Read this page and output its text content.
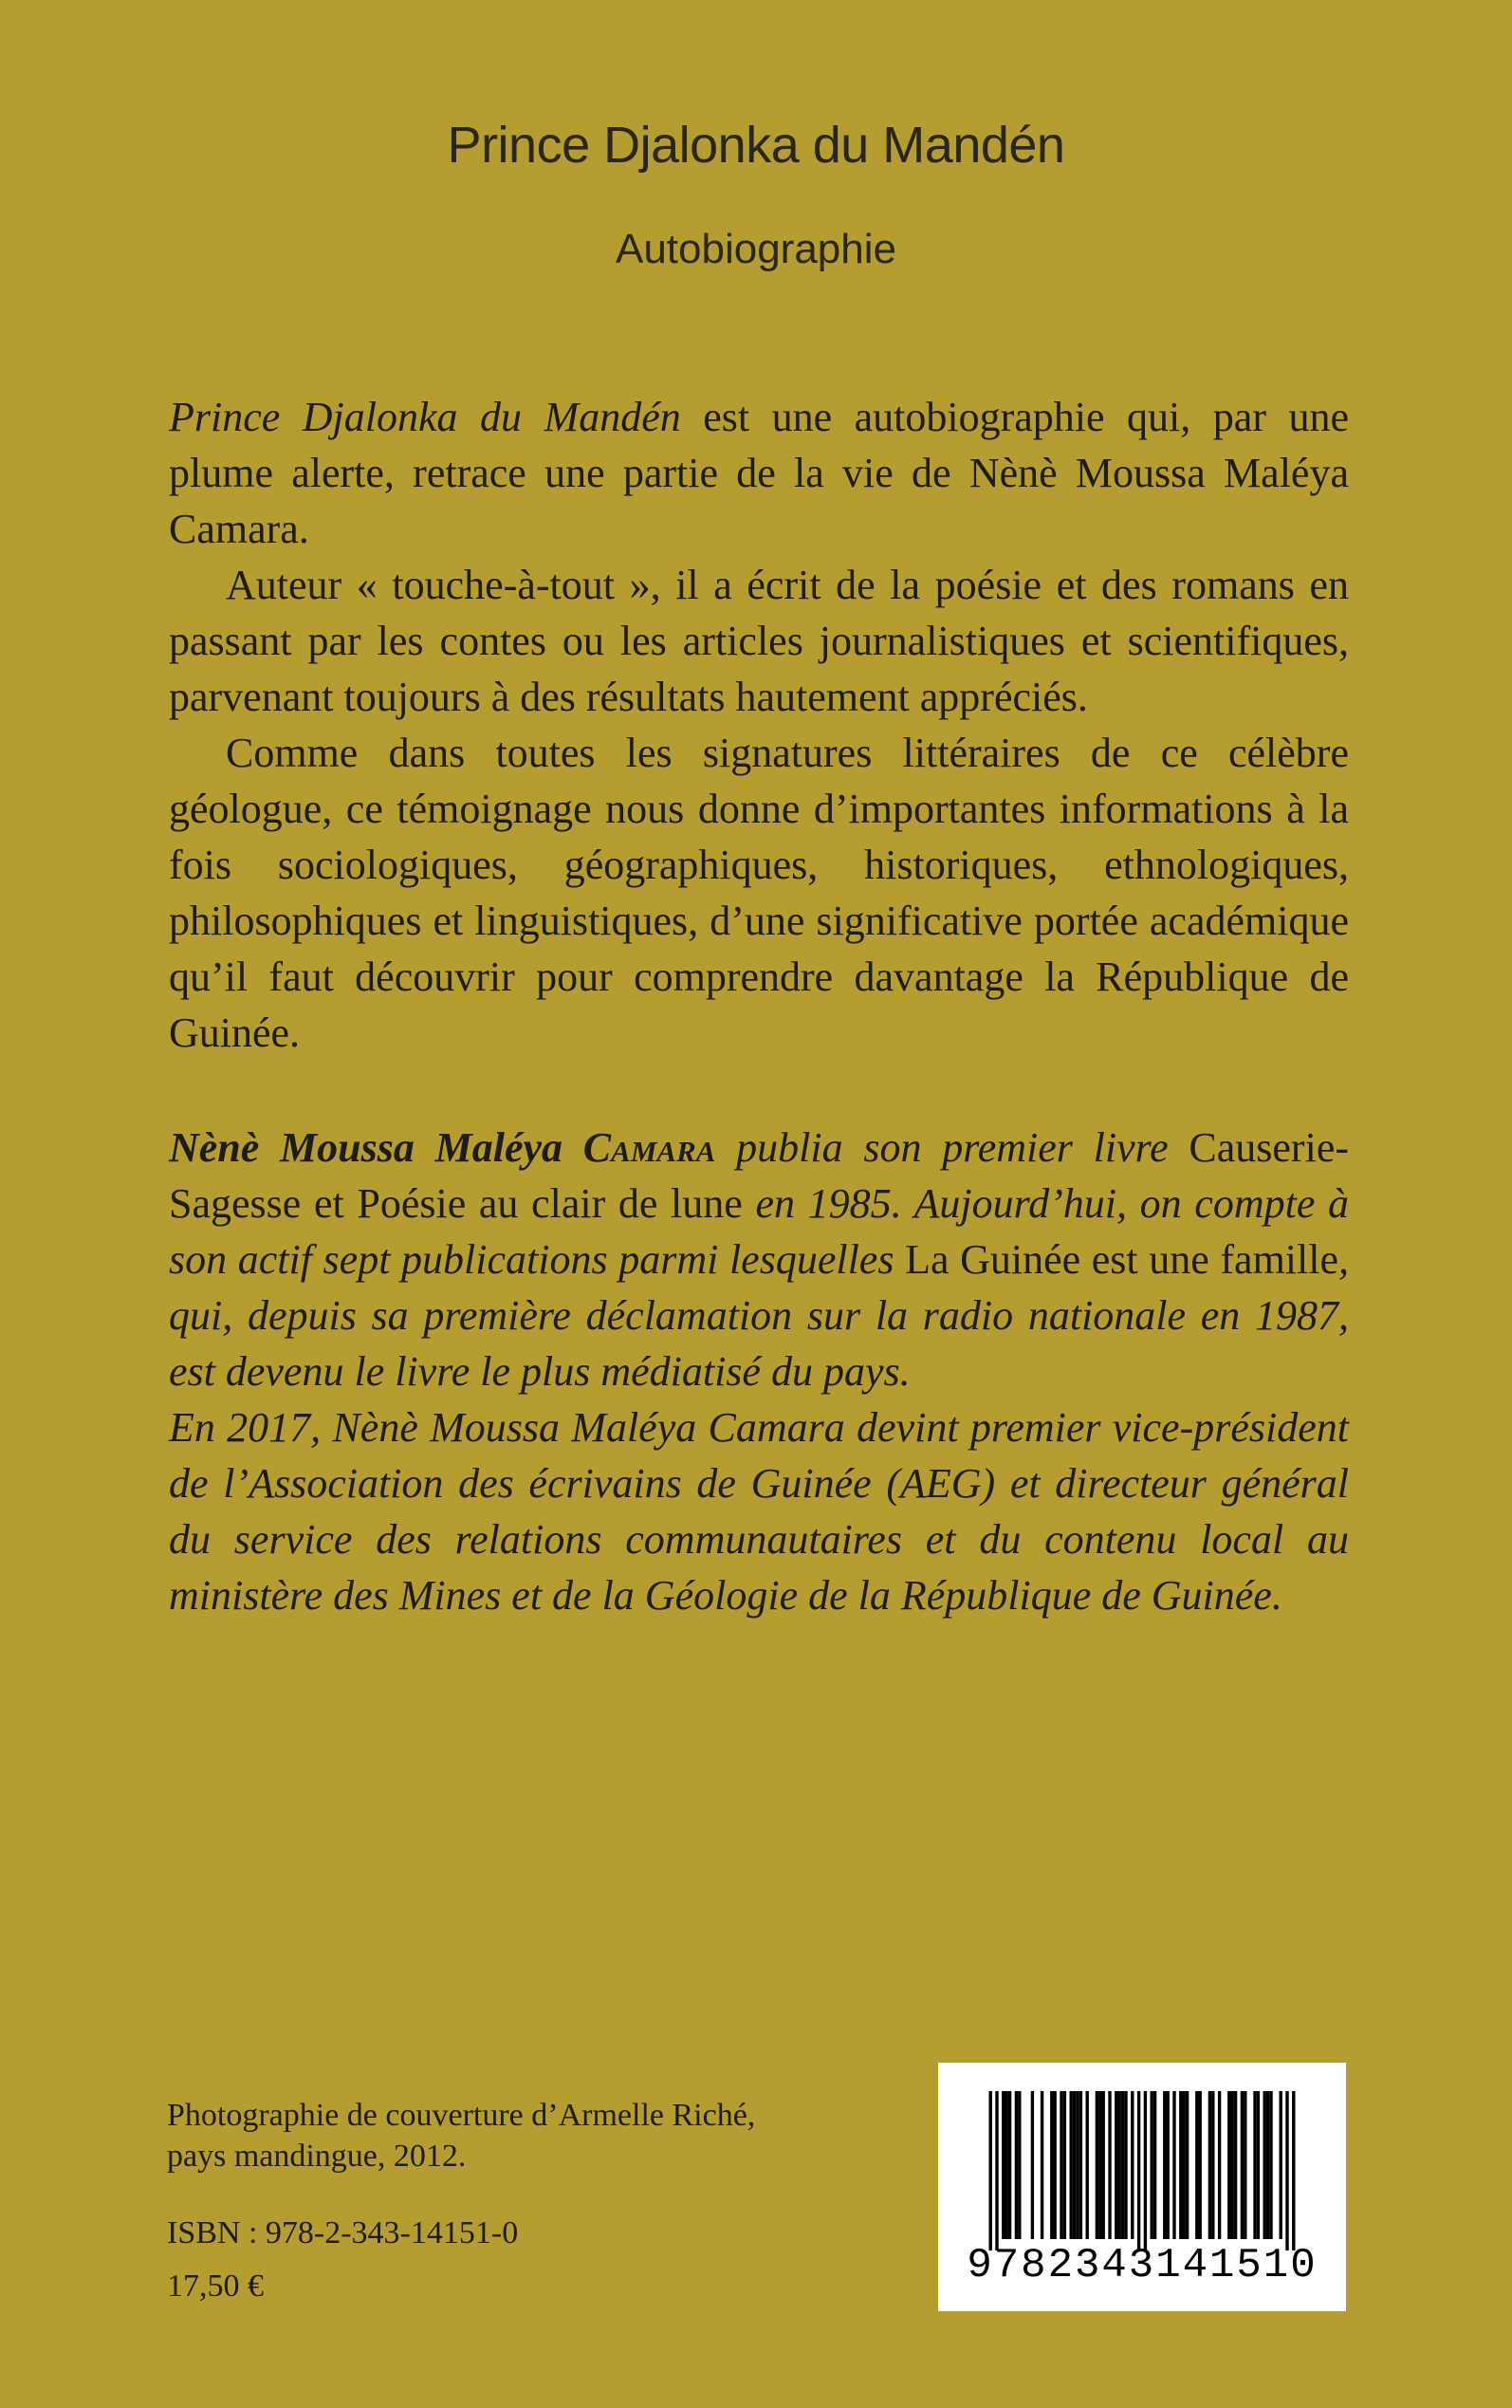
Prince Djalonka du Mandén
Autobiographie

Prince Djalonka du Mandén est une autobiographie qui, par une plume alerte, retrace une partie de la vie de Nènè Moussa Maléya Camara.

Auteur « touche-à-tout », il a écrit de la poésie et des romans en passant par les contes ou les articles journalistiques et scientifiques, parvenant toujours à des résultats hautement appréciés.

Comme dans toutes les signatures littéraires de ce célèbre géologue, ce témoignage nous donne d’importantes informations à la fois sociologiques, géographiques, historiques, ethnologiques, philosophiques et linguistiques, d’une significative portée académique qu’il faut découvrir pour comprendre davantage la République de Guinée.

Nènè Moussa Maléya Camara publia son premier livre Causerie-Sagesse et Poésie au clair de lune en 1985. Aujourd’hui, on compte à son actif sept publications parmi lesquelles La Guinée est une famille, qui, depuis sa première déclamation sur la radio nationale en 1987, est devenu le livre le plus médiatisé du pays.

En 2017, Nènè Moussa Maléya Camara devint premier vice-président de l’Association des écrivains de Guinée (AEG) et directeur général du service des relations communautaires et du contenu local au ministère des Mines et de la Géologie de la République de Guinée.

Photographie de couverture d’Armelle Riché,
pays mandingue, 2012.
ISBN : 978-2-343-14151-0
17,50 €	9782343141510
